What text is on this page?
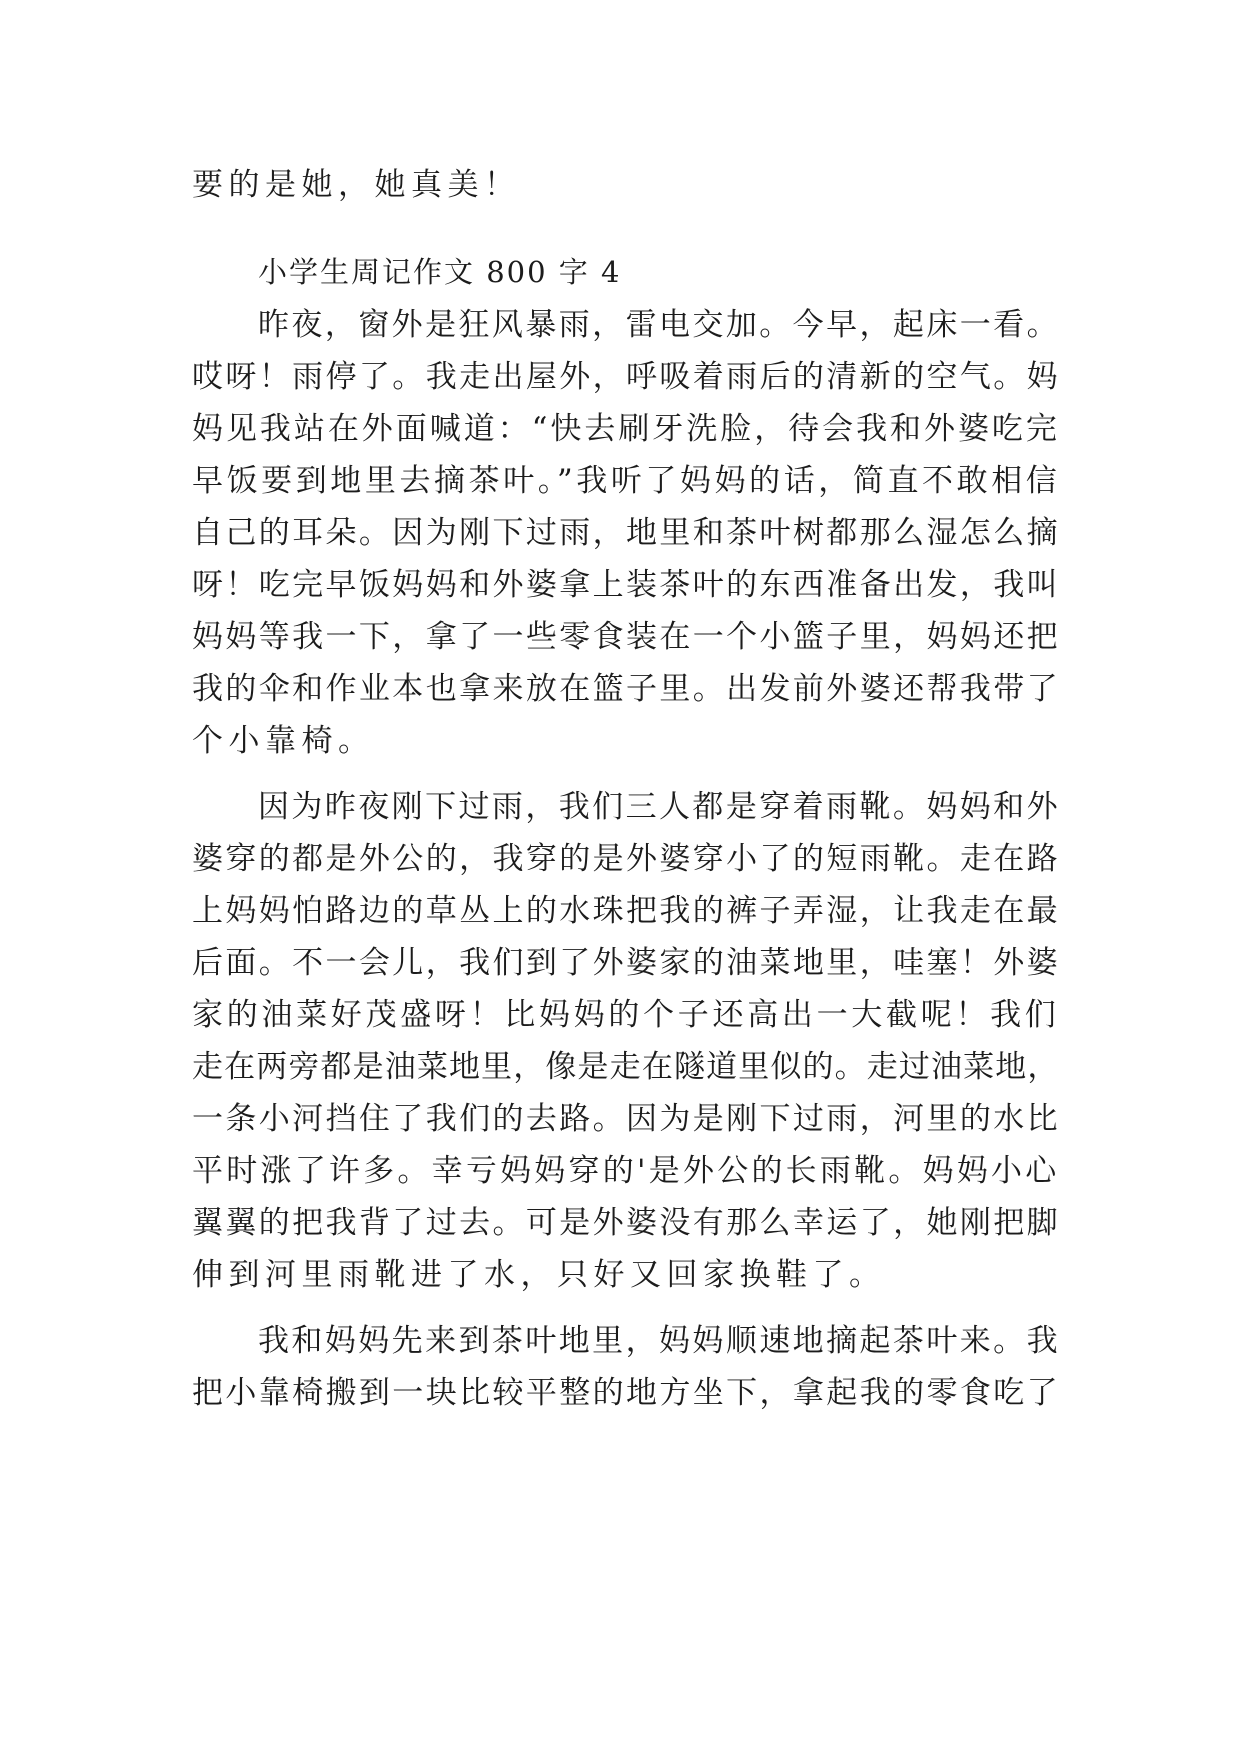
要的是她，她真美！
小学生周记作文 800 字 4
昨夜，窗外是狂风暴雨，雷电交加。今早，起床一看。
哎呀！雨停了。我走出屋外，呼吸着雨后的清新的空气。妈
妈见我站在外面喊道：“快去刷牙洗脸，待会我和外婆吃完
早饭要到地里去摘茶叶。”我听了妈妈的话，简直不敢相信
自己的耳朵。因为刚下过雨，地里和茶叶树都那么湿怎么摘
呀！吃完早饭妈妈和外婆拿上装茶叶的东西准备出发，我叫
妈妈等我一下，拿了一些零食装在一个小篮子里，妈妈还把
我的伞和作业本也拿来放在篮子里。出发前外婆还帮我带了
个小靠椅。
因为昨夜刚下过雨，我们三人都是穿着雨靴。妈妈和外
婆穿的都是外公的，我穿的是外婆穿小了的短雨靴。走在路
上妈妈怕路边的草丛上的水珠把我的裤子弄湿，让我走在最
后面。不一会儿，我们到了外婆家的油菜地里，哇塞！外婆
家的油菜好茂盛呀！比妈妈的个子还高出一大截呢！我们
走在两旁都是油菜地里，像是走在隧道里似的。走过油菜地，
一条小河挡住了我们的去路。因为是刚下过雨，河里的水比
平时涨了许多。幸亏妈妈穿的'是外公的长雨靴。妈妈小心
翼翼的把我背了过去。可是外婆没有那么幸运了，她刚把脚
伸到河里雨靴进了水，只好又回家换鞋了。
我和妈妈先来到茶叶地里，妈妈顺速地摘起茶叶来。我
把小靠椅搬到一块比较平整的地方坐下，拿起我的零食吃了
